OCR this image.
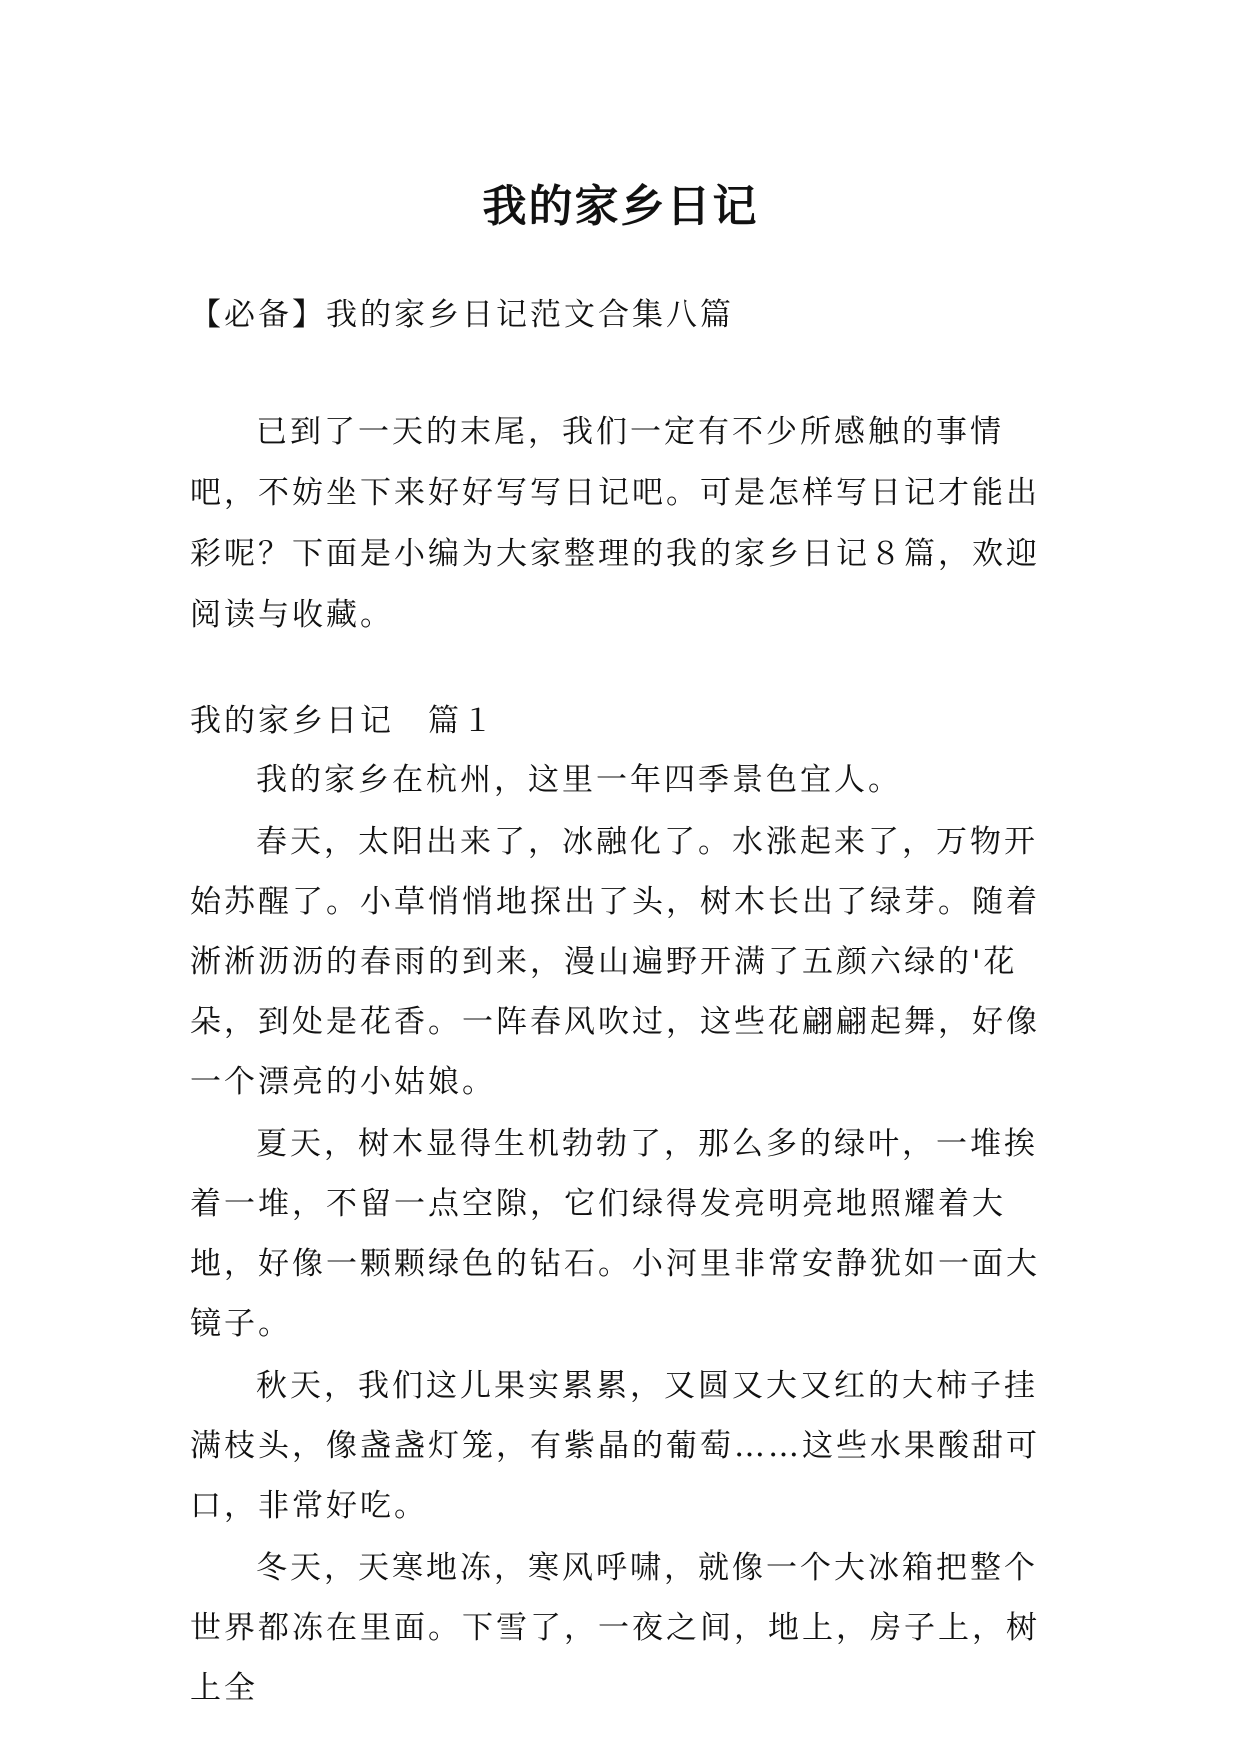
我的家乡日记

【必备】我的家乡日记范文合集八篇

已到了一天的末尾，我们一定有不少所感触的事情吧，不妨坐下来好好写写日记吧。可是怎样写日记才能出彩呢？下面是小编为大家整理的我的家乡日记８篇，欢迎阅读与收藏。

我的家乡日记　篇１

我的家乡在杭州，这里一年四季景色宜人。

春天，太阳出来了，冰融化了。水涨起来了，万物开始苏醒了。小草悄悄地探出了头，树木长出了绿芽。随着淅淅沥沥的春雨的到来，漫山遍野开满了五颜六绿的'花朵，到处是花香。一阵春风吹过，这些花翩翩起舞，好像一个漂亮的小姑娘。

夏天，树木显得生机勃勃了，那么多的绿叶，一堆挨着一堆，不留一点空隙，它们绿得发亮明亮地照耀着大地，好像一颗颗绿色的钻石。小河里非常安静犹如一面大镜子。

秋天，我们这儿果实累累，又圆又大又红的大柿子挂满枝头，像盏盏灯笼，有紫晶的葡萄……这些水果酸甜可口，非常好吃。

冬天，天寒地冻，寒风呼啸，就像一个大冰箱把整个世界都冻在里面。下雪了，一夜之间，地上，房子上，树上全
